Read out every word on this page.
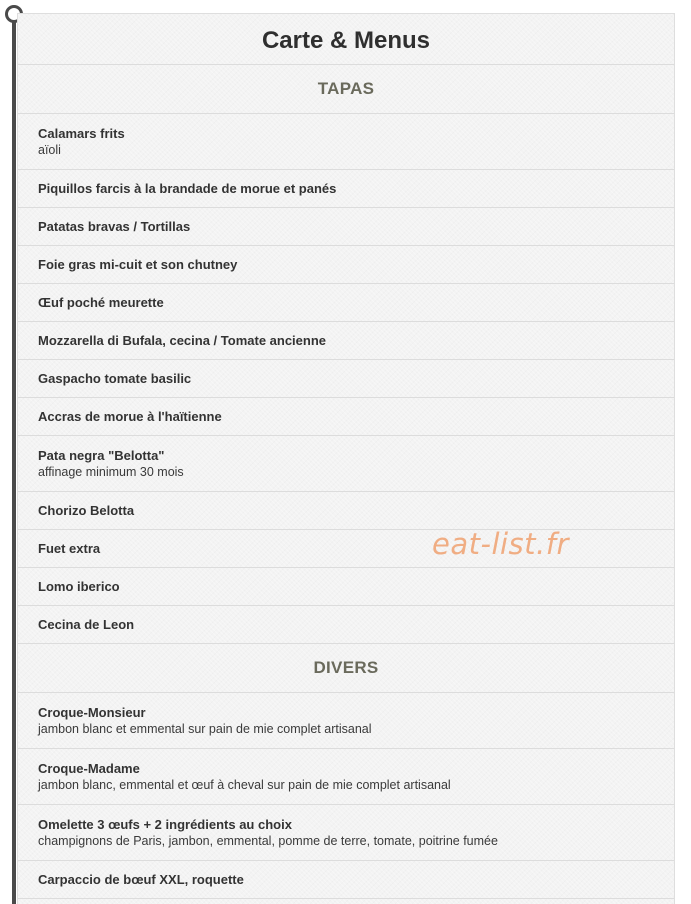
Carte & Menus
TAPAS
Calamars frits
aïoli
Piquillos farcis à la brandade de morue et panés
Patatas bravas / Tortillas
Foie gras mi-cuit et son chutney
Œuf poché meurette
Mozzarella di Bufala, cecina / Tomate ancienne
Gaspacho tomate basilic
Accras de morue à l'haïtienne
Pata negra "Belotta"
affinage minimum 30 mois
Chorizo Belotta
Fuet extra
Lomo iberico
Cecina de Leon
DIVERS
Croque-Monsieur
jambon blanc et emmental sur pain de mie complet artisanal
Croque-Madame
jambon blanc, emmental et œuf à cheval sur pain de mie complet artisanal
Omelette 3 œufs + 2 ingrédients au choix
champignons de Paris, jambon, emmental, pomme de terre, tomate, poitrine fumée
Carpaccio de bœuf XXL, roquette
eat-list.fr
